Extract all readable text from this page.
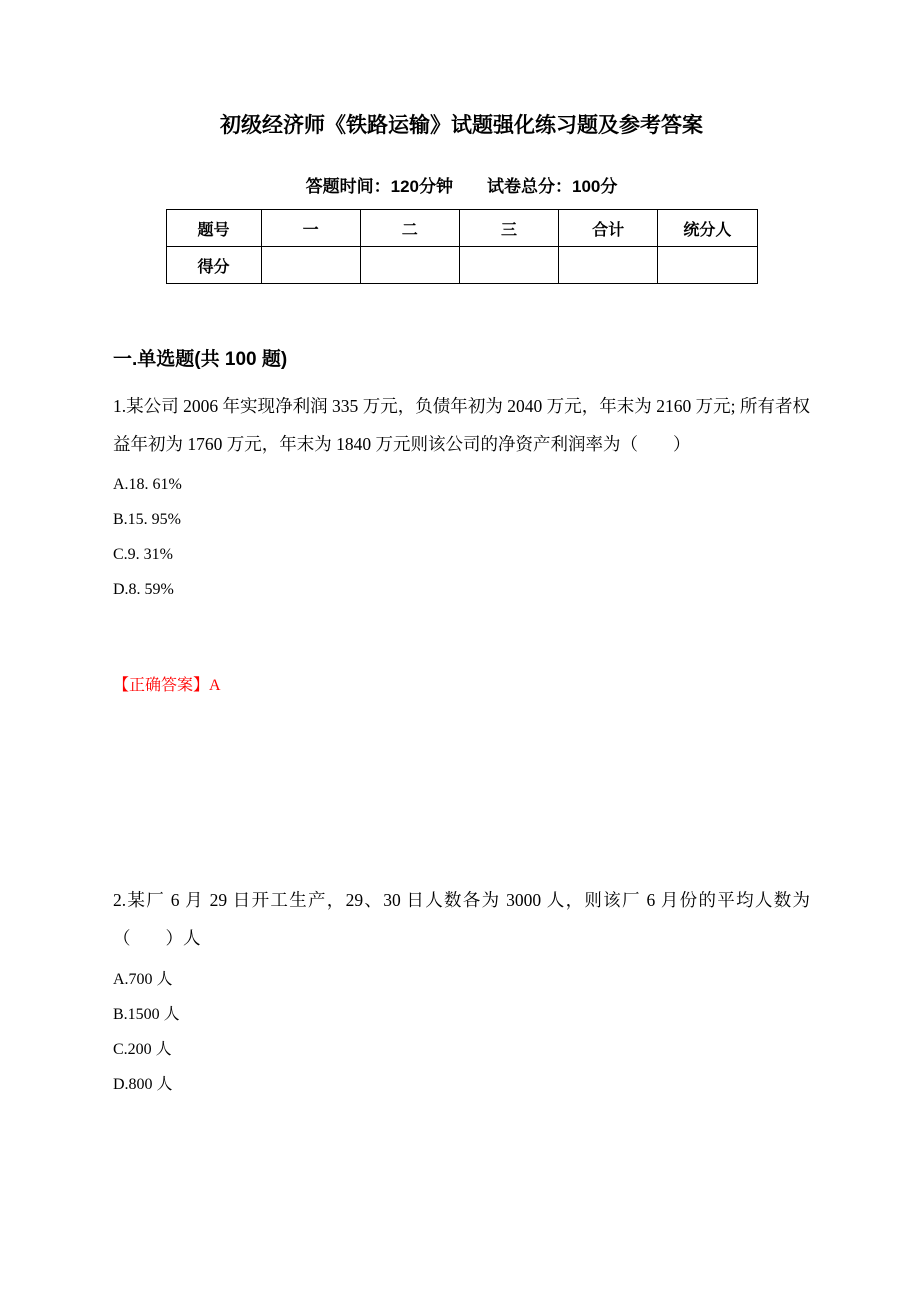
初级经济师《铁路运输》试题强化练习题及参考答案
答题时间：120分钟　　试卷总分：100分
题号	一	二	三	合计	统分人
得分					
一.单选题(共 100 题)
1.某公司 2006 年实现净利润 335 万元，负债年初为 2040 万元，年末为 2160 万元; 所有者权益年初为 1760 万元，年末为 1840 万元则该公司的净资产利润率为（　　）
A.18. 61%
B.15. 95%
C.9. 31%
D.8. 59%
【正确答案】A
2.某厂 6 月 29 日开工生产，29、30 日人数各为 3000 人，则该厂 6 月份的平均人数为（　　）人
A.700 人
B.1500 人
C.200 人
D.800 人
